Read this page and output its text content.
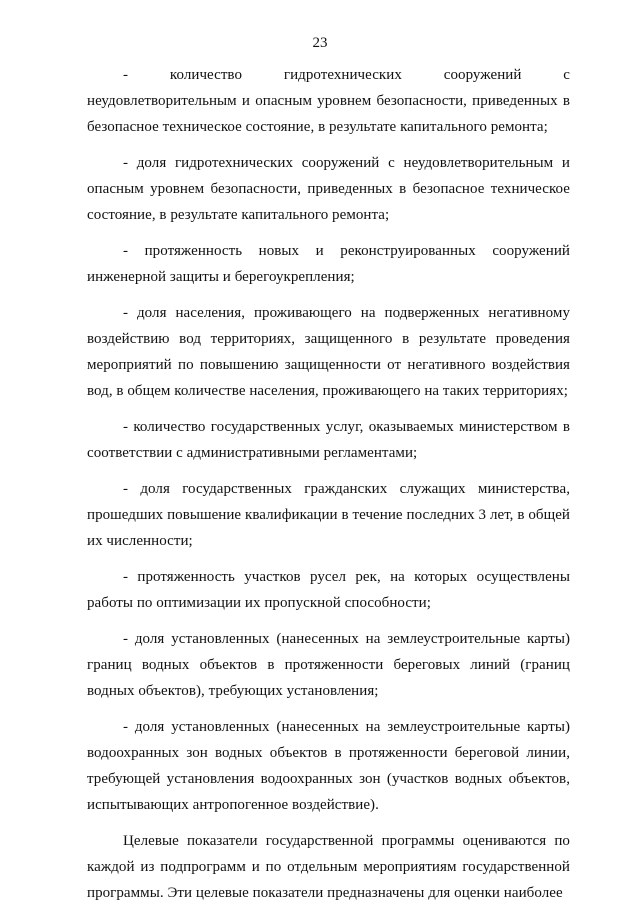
23

- количество гидротехнических сооружений с неудовлетворительным и опасным уровнем безопасности, приведенных в безопасное техническое состояние, в результате капитального ремонта;

- доля гидротехнических сооружений с неудовлетворительным и опасным уровнем безопасности, приведенных в безопасное техническое состояние, в результате капитального ремонта;

- протяженность новых и реконструированных сооружений инженерной защиты и берегоукрепления;

- доля населения, проживающего на подверженных негативному воздействию вод территориях, защищенного в результате проведения мероприятий по повышению защищенности от негативного воздействия вод, в общем количестве населения, проживающего на таких территориях;

- количество государственных услуг, оказываемых министерством в соответствии с административными регламентами;

- доля государственных гражданских служащих министерства, прошедших повышение квалификации в течение последних 3 лет, в общей их численности;

- протяженность участков русел рек, на которых осуществлены работы по оптимизации их пропускной способности;

- доля установленных (нанесенных на землеустроительные карты) границ водных объектов в протяженности береговых линий (границ водных объектов), требующих установления;

- доля установленных (нанесенных на землеустроительные карты) водоохранных зон водных объектов в протяженности береговой линии, требующей установления водоохранных зон (участков водных объектов, испытывающих антропогенное воздействие).

Целевые показатели государственной программы оцениваются по каждой из подпрограмм и по отдельным мероприятиям государственной программы. Эти целевые показатели предназначены для оценки наиболее
